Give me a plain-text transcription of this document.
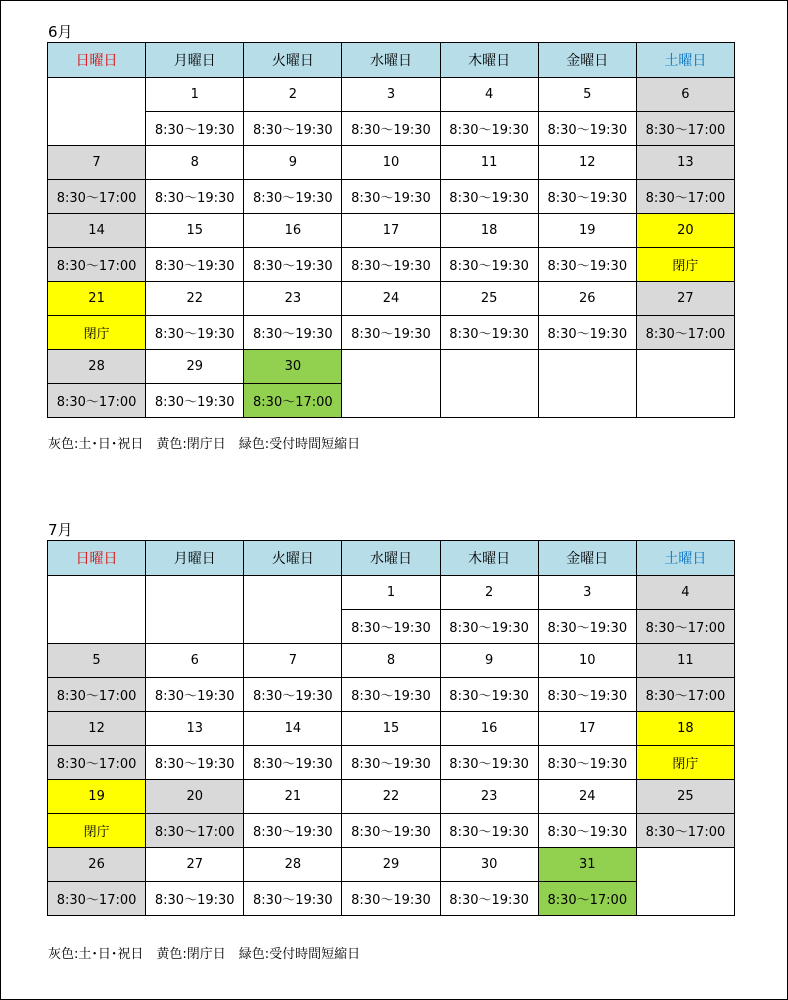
6月
日曜日	月曜日	火曜日	水曜日	木曜日	金曜日	土曜日
	1	2	3	4	5	6
	8:30～19:30	8:30～19:30	8:30～19:30	8:30～19:30	8:30～19:30	8:30～17:00
7	8	9	10	11	12	13
8:30～17:00	8:30～19:30	8:30～19:30	8:30～19:30	8:30～19:30	8:30～19:30	8:30～17:00
14	15	16	17	18	19	20
8:30～17:00	8:30～19:30	8:30～19:30	8:30～19:30	8:30～19:30	8:30～19:30	閉庁
21	22	23	24	25	26	27
閉庁	8:30～19:30	8:30～19:30	8:30～19:30	8:30～19:30	8:30～19:30	8:30～17:00
28	29	30				
8:30～17:00	8:30～19:30	8:30～17:00				
灰色:土･日･祝日　黄色:閉庁日　緑色:受付時間短縮日
7月
日曜日	月曜日	火曜日	水曜日	木曜日	金曜日	土曜日
			1	2	3	4
			8:30～19:30	8:30～19:30	8:30～19:30	8:30～17:00
5	6	7	8	9	10	11
8:30～17:00	8:30～19:30	8:30～19:30	8:30～19:30	8:30～19:30	8:30～19:30	8:30～17:00
12	13	14	15	16	17	18
8:30～17:00	8:30～19:30	8:30～19:30	8:30～19:30	8:30～19:30	8:30～19:30	閉庁
19	20	21	22	23	24	25
閉庁	8:30～17:00	8:30～19:30	8:30～19:30	8:30～19:30	8:30～19:30	8:30～17:00
26	27	28	29	30	31	
8:30～17:00	8:30～19:30	8:30～19:30	8:30～19:30	8:30～19:30	8:30～17:00	
灰色:土･日･祝日　黄色:閉庁日　緑色:受付時間短縮日
